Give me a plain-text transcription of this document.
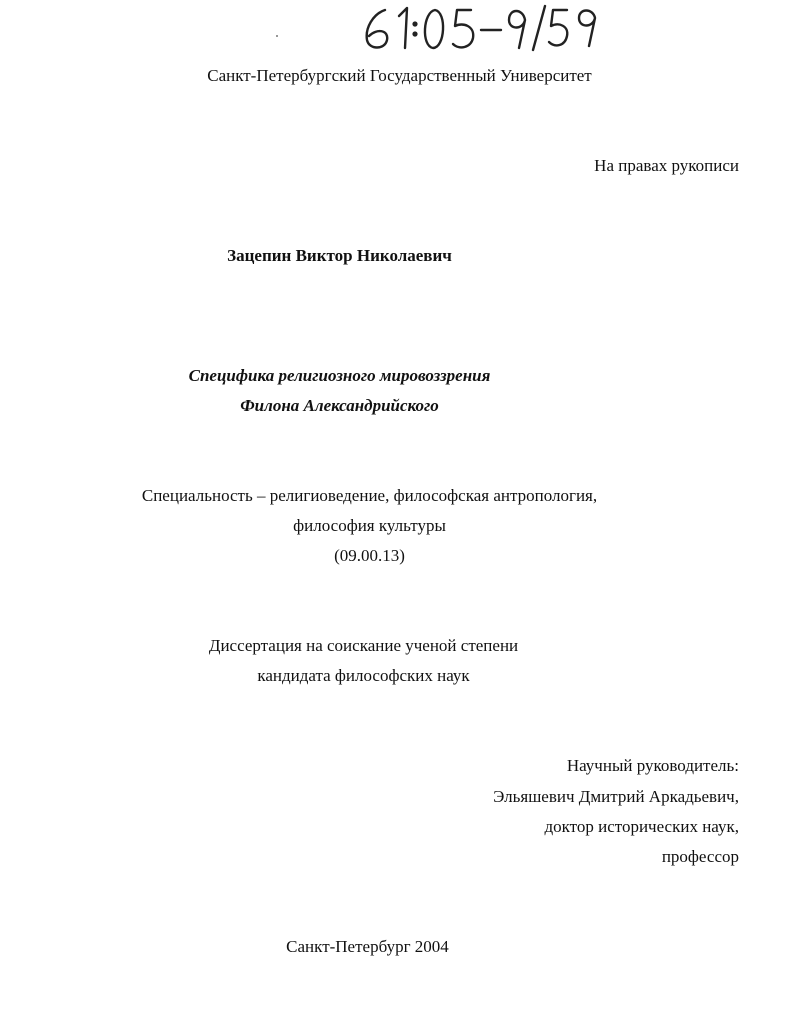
Санкт-Петербургский Государственный Университет
На правах рукописи
Зацепин Виктор Николаевич
Специфика религиозного мировоззрения
Филона Александрийского
Специальность – религиоведение, философская антропология,
философия культуры
(09.00.13)
Диссертация на соискание ученой степени
кандидата философских наук
Научный руководитель:
Эльяшевич Дмитрий Аркадьевич,
доктор исторических наук,
профессор
Санкт-Петербург 2004
